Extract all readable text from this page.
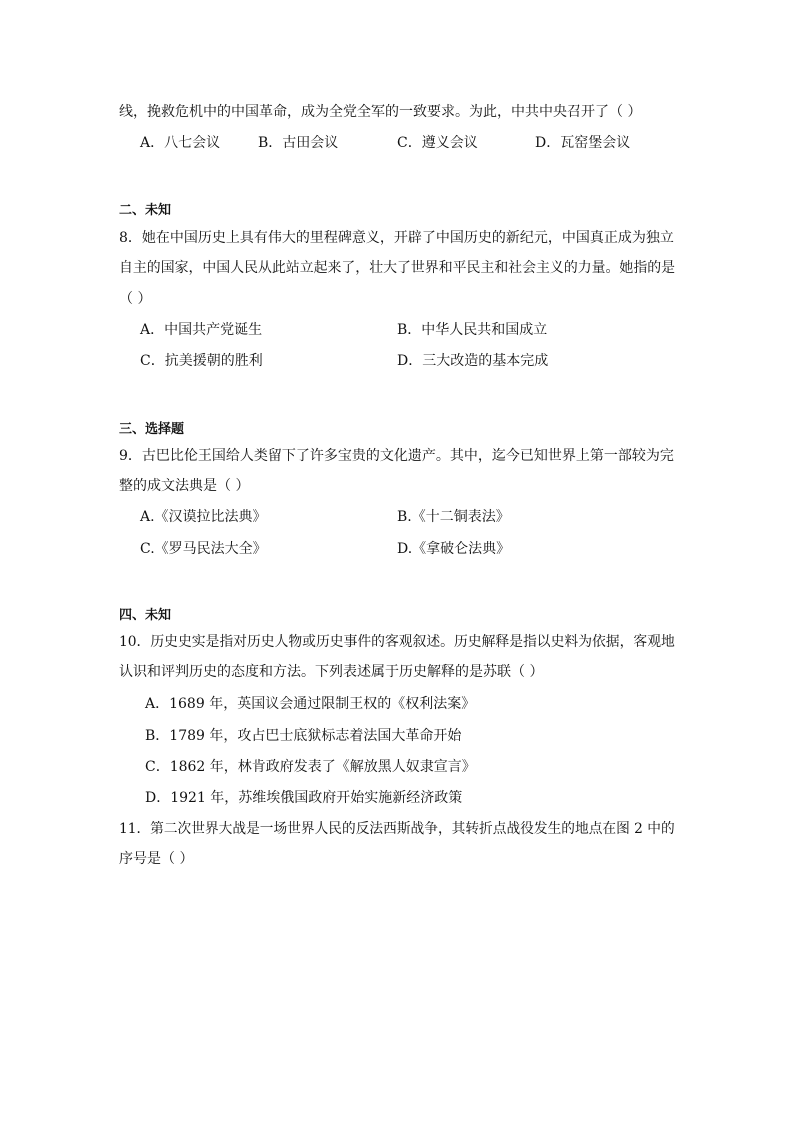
线，挽救危机中的中国革命，成为全党全军的一致要求。为此，中共中央召开了（ ）
A．八七会议	B．古田会议	C．遵义会议	D．瓦窑堡会议
二、未知
8．她在中国历史上具有伟大的里程碑意义，开辟了中国历史的新纪元，中国真正成为独立
自主的国家，中国人民从此站立起来了，壮大了世界和平民主和社会主义的力量。她指的是
（ ）
A．中国共产党诞生	B．中华人民共和国成立
C．抗美援朝的胜利	D．三大改造的基本完成
三、选择题
9．古巴比伦王国给人类留下了许多宝贵的文化遗产。其中，迄今已知世界上第一部较为完
整的成文法典是（ ）
A.《汉谟拉比法典》	B.《十二铜表法》
C.《罗马民法大全》	D.《拿破仑法典》
四、未知
10．历史史实是指对历史人物或历史事件的客观叙述。历史解释是指以史料为依据，客观地
认识和评判历史的态度和方法。下列表述属于历史解释的是苏联（ ）
A．1689 年，英国议会通过限制王权的《权利法案》
B．1789 年，攻占巴士底狱标志着法国大革命开始
C．1862 年，林肯政府发表了《解放黑人奴隶宣言》
D．1921 年，苏维埃俄国政府开始实施新经济政策
11．第二次世界大战是一场世界人民的反法西斯战争，其转折点战役发生的地点在图 2 中的
序号是（ ）
